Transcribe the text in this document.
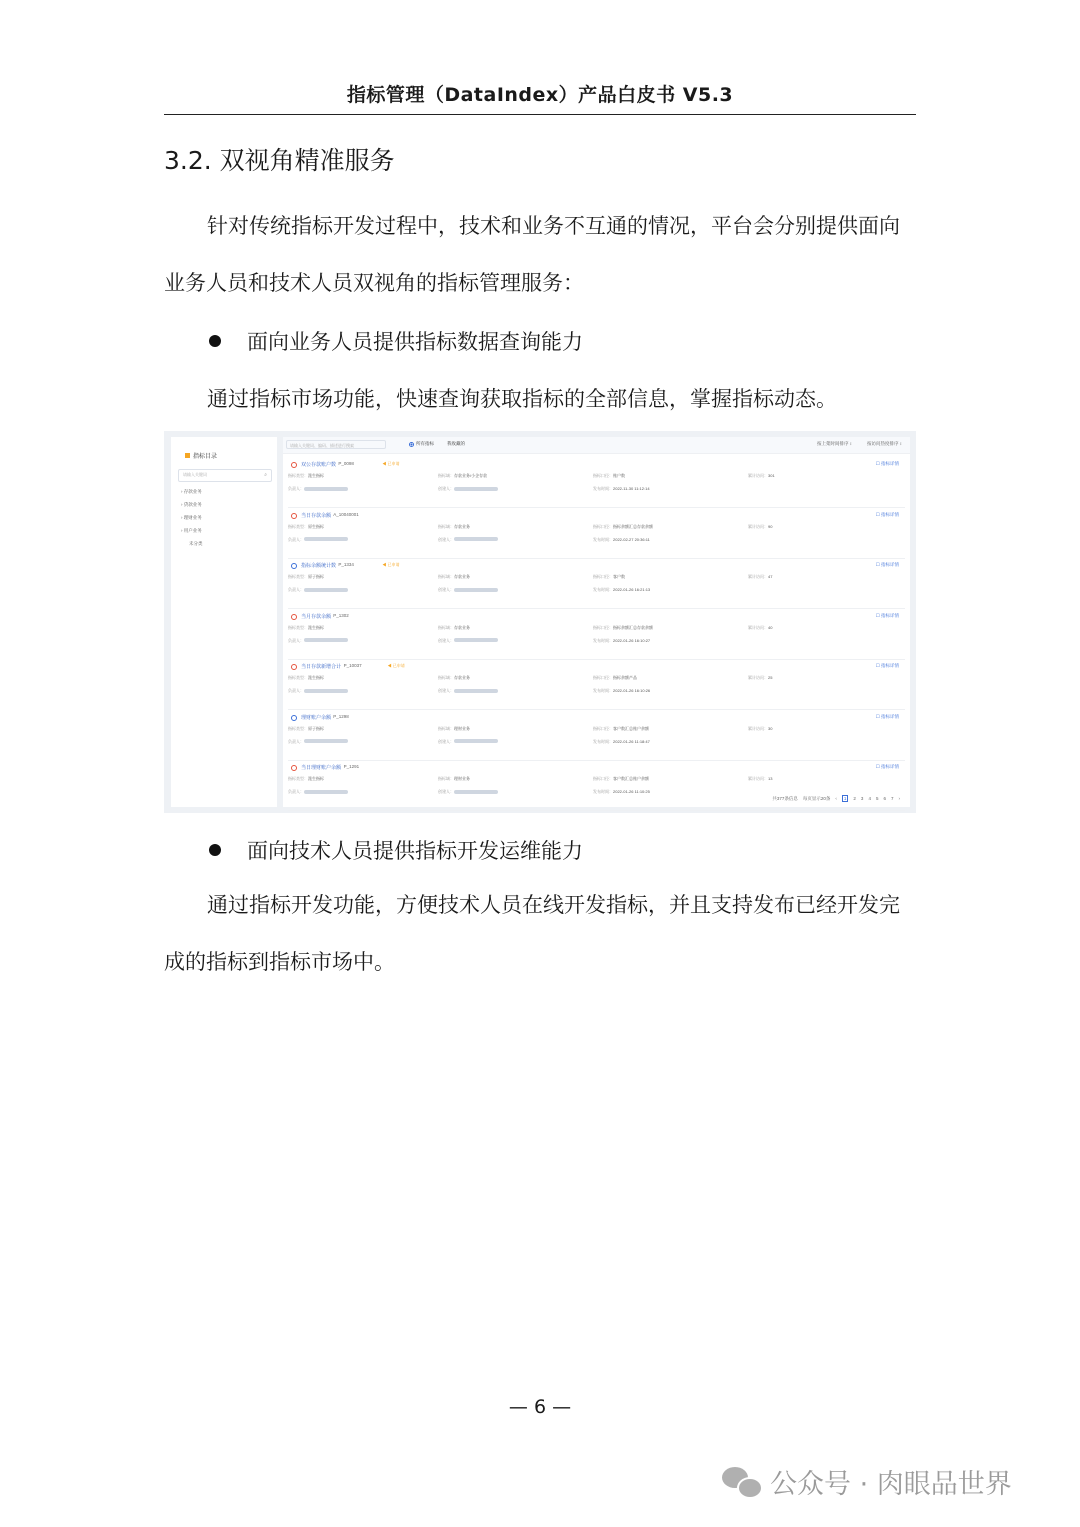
指标管理（DataIndex）产品白皮书 V5.3
3.2. 双视角精准服务
针对传统指标开发过程中，技术和业务不互通的情况，平台会分别提供面向
业务人员和技术人员双视角的指标管理服务：
面向业务人员提供指标数据查询能力
通过指标市场功能，快速查询获取指标的全部信息，掌握指标动态。
指标目录
请输入关键词	⌕
› 存款业务
› 贷款业务
› 理财业务
› 用户业务
未分类
请输入关键词、编码、描述进行搜索	所有指标	我收藏的	按上架时间排序 ↕	按访问热度排序 ↕
双公存款账户数 P_0098	◀ 已申请	☐ 指标详情
指标类型：派生指标	指标域：存款业务/小企存款	指标口径：账户数	累计访问：301
负责人：	创建人：	发布时间：2022-11-30 11:12:14
当日存款余额 A_10040001	☐ 指标详情
指标类型：原生指标	指标域：存款业务	指标口径：指标余额汇总存款余额	累计访问：90
负责人：	创建人：	发布时间：2022-02-27 20:36:11
指标余额统计数 P_1334	◀ 已申请	☐ 指标详情
指标类型：原子指标	指标域：存款业务	指标口径：客户数	累计访问：47
负责人：	创建人：	发布时间：2022-01-26 16:21:13
当月存款余额 P_1302	☐ 指标详情
指标类型：派生指标	指标域：存款业务	指标口径：指标余额汇总存款余额	累计访问：40
负责人：	创建人：	发布时间：2022-01-26 16:10:27
当日存款新增合计 P_10037	◀ 已申请	☐ 指标详情
指标类型：派生指标	指标域：存款业务	指标口径：指标余额产品	累计访问：25
负责人：	创建人：	发布时间：2022-01-26 16:10:26
理财账户余额 P_1298	☐ 指标详情
指标类型：原子指标	指标域：理财业务	指标口径：客户数汇总账户余额	累计访问：30
负责人：	创建人：	发布时间：2022-01-26 11:18:47
当日理财账户余额 P_1291	☐ 指标详情
指标类型：派生指标	指标域：理财业务	指标口径：客户数汇总账户余额	累计访问：13
负责人：	创建人：	发布时间：2022-01-26 11:10:25
共377条信息 每页显示20条 ‹	1	2 3 4 5 6 7 ›
面向技术人员提供指标开发运维能力
通过指标开发功能，方便技术人员在线开发指标，并且支持发布已经开发完
成的指标到指标市场中。
— 6 —
公众号 · 肉眼品世界
